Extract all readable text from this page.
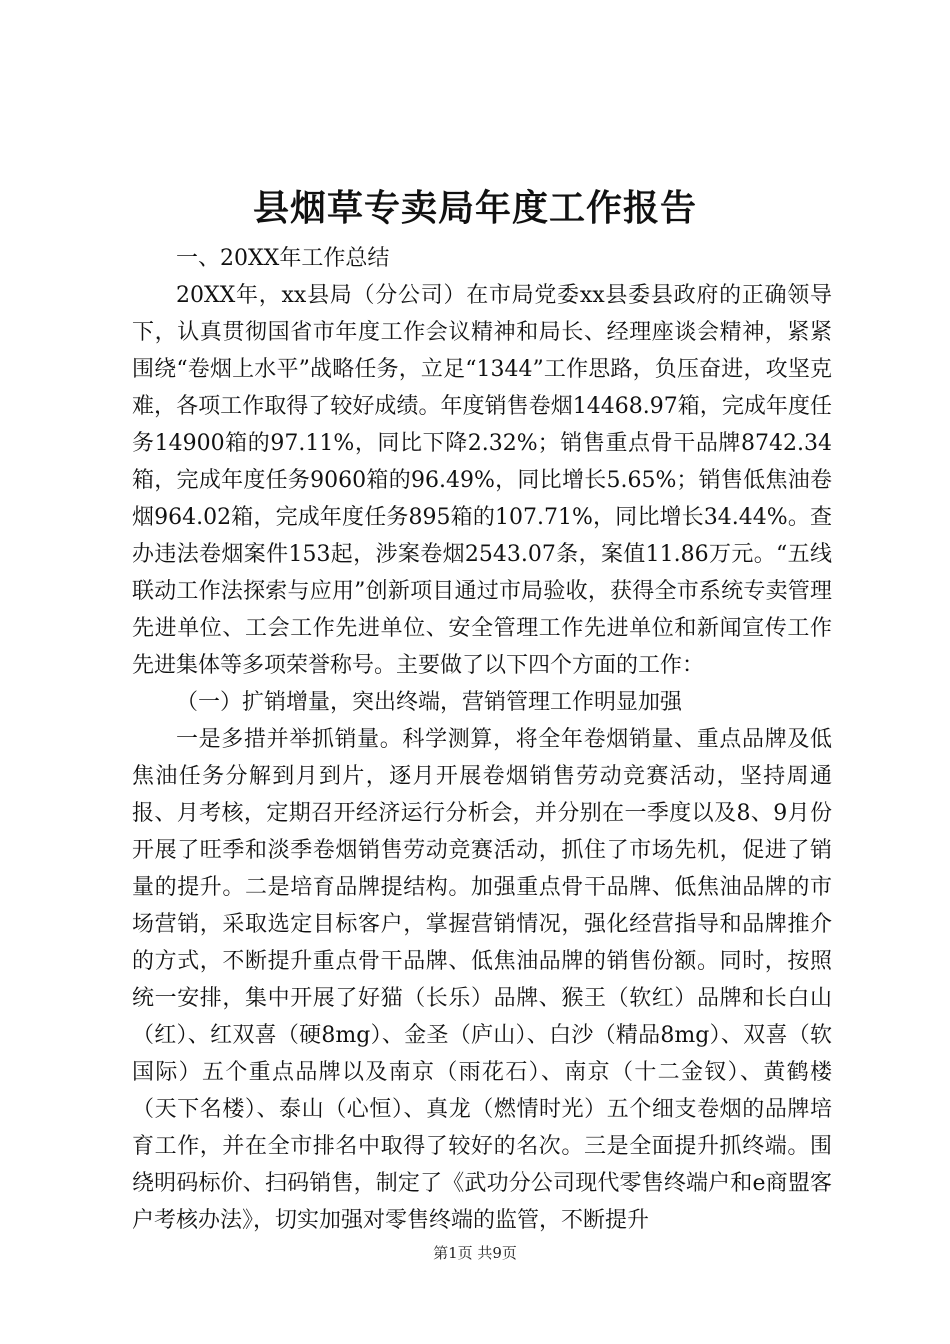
县烟草专卖局年度工作报告

一、20XX年工作总结

20XX年，xx县局（分公司）在市局党委xx县委县政府的正确领导下，认真贯彻国省市年度工作会议精神和局长、经理座谈会精神，紧紧围绕“卷烟上水平”战略任务，立足“1344”工作思路，负压奋进，攻坚克难，各项工作取得了较好成绩。年度销售卷烟14468.97箱，完成年度任务14900箱的97.11%，同比下降2.32%；销售重点骨干品牌8742.34箱，完成年度任务9060箱的96.49%，同比增长5.65%；销售低焦油卷烟964.02箱，完成年度任务895箱的107.71%，同比增长34.44%。查办违法卷烟案件153起，涉案卷烟2543.07条，案值11.86万元。“五线联动工作法探索与应用”创新项目通过市局验收，获得全市系统专卖管理先进单位、工会工作先进单位、安全管理工作先进单位和新闻宣传工作先进集体等多项荣誉称号。主要做了以下四个方面的工作：

（一）扩销增量，突出终端，营销管理工作明显加强

一是多措并举抓销量。科学测算，将全年卷烟销量、重点品牌及低焦油任务分解到月到片，逐月开展卷烟销售劳动竞赛活动，坚持周通报、月考核，定期召开经济运行分析会，并分别在一季度以及8、9月份开展了旺季和淡季卷烟销售劳动竞赛活动，抓住了市场先机，促进了销量的提升。二是培育品牌提结构。加强重点骨干品牌、低焦油品牌的市场营销，采取选定目标客户，掌握营销情况，强化经营指导和品牌推介的方式，不断提升重点骨干品牌、低焦油品牌的销售份额。同时，按照统一安排，集中开展了好猫（长乐）品牌、猴王（软红）品牌和长白山（红）、红双喜（硬8mg）、金圣（庐山）、白沙（精品8mg）、双喜（软国际）五个重点品牌以及南京（雨花石）、南京（十二金钗）、黄鹤楼（天下名楼）、泰山（心恒）、真龙（燃情时光）五个细支卷烟的品牌培育工作，并在全市排名中取得了较好的名次。三是全面提升抓终端。围绕明码标价、扫码销售，制定了《武功分公司现代零售终端户和e商盟客户考核办法》，切实加强对零售终端的监管，不断提升

第1页 共9页
